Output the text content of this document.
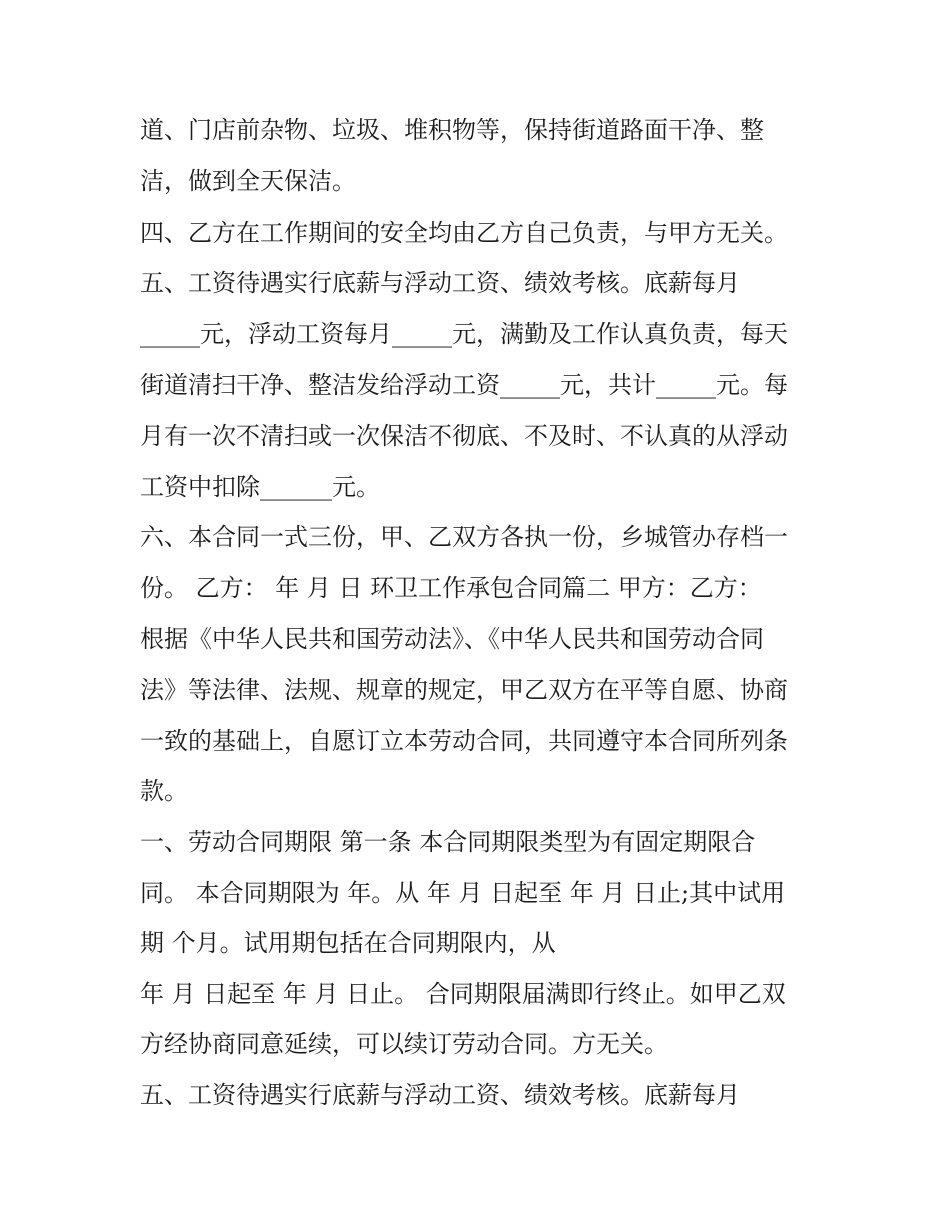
道、门店前杂物、垃圾、堆积物等，保持街道路面干净、整

洁，做到全天保洁。

四、乙方在工作期间的安全均由乙方自己负责，与甲方无关。

五、工资待遇实行底薪与浮动工资、绩效考核。底薪每月

_____元，浮动工资每月_____元，满勤及工作认真负责，每天

街道清扫干净、整洁发给浮动工资_____元，共计_____元。每

月有一次不清扫或一次保洁不彻底、不及时、不认真的从浮动

工资中扣除______元。

六、本合同一式三份，甲、乙双方各执一份，乡城管办存档一

份。 乙方： 年 月 日 环卫工作承包合同篇二 甲方：乙方：

根据《中华人民共和国劳动法》、《中华人民共和国劳动合同

法》等法律、法规、规章的规定，甲乙双方在平等自愿、协商

一致的基础上，自愿订立本劳动合同，共同遵守本合同所列条

款。

一、劳动合同期限 第一条 本合同期限类型为有固定期限合

同。 本合同期限为 年。从 年 月 日起至 年 月 日止;其中试用

期 个月。试用期包括在合同期限内，从

年 月 日起至 年 月 日止。 合同期限届满即行终止。如甲乙双

方经协商同意延续，可以续订劳动合同。方无关。

五、工资待遇实行底薪与浮动工资、绩效考核。底薪每月
